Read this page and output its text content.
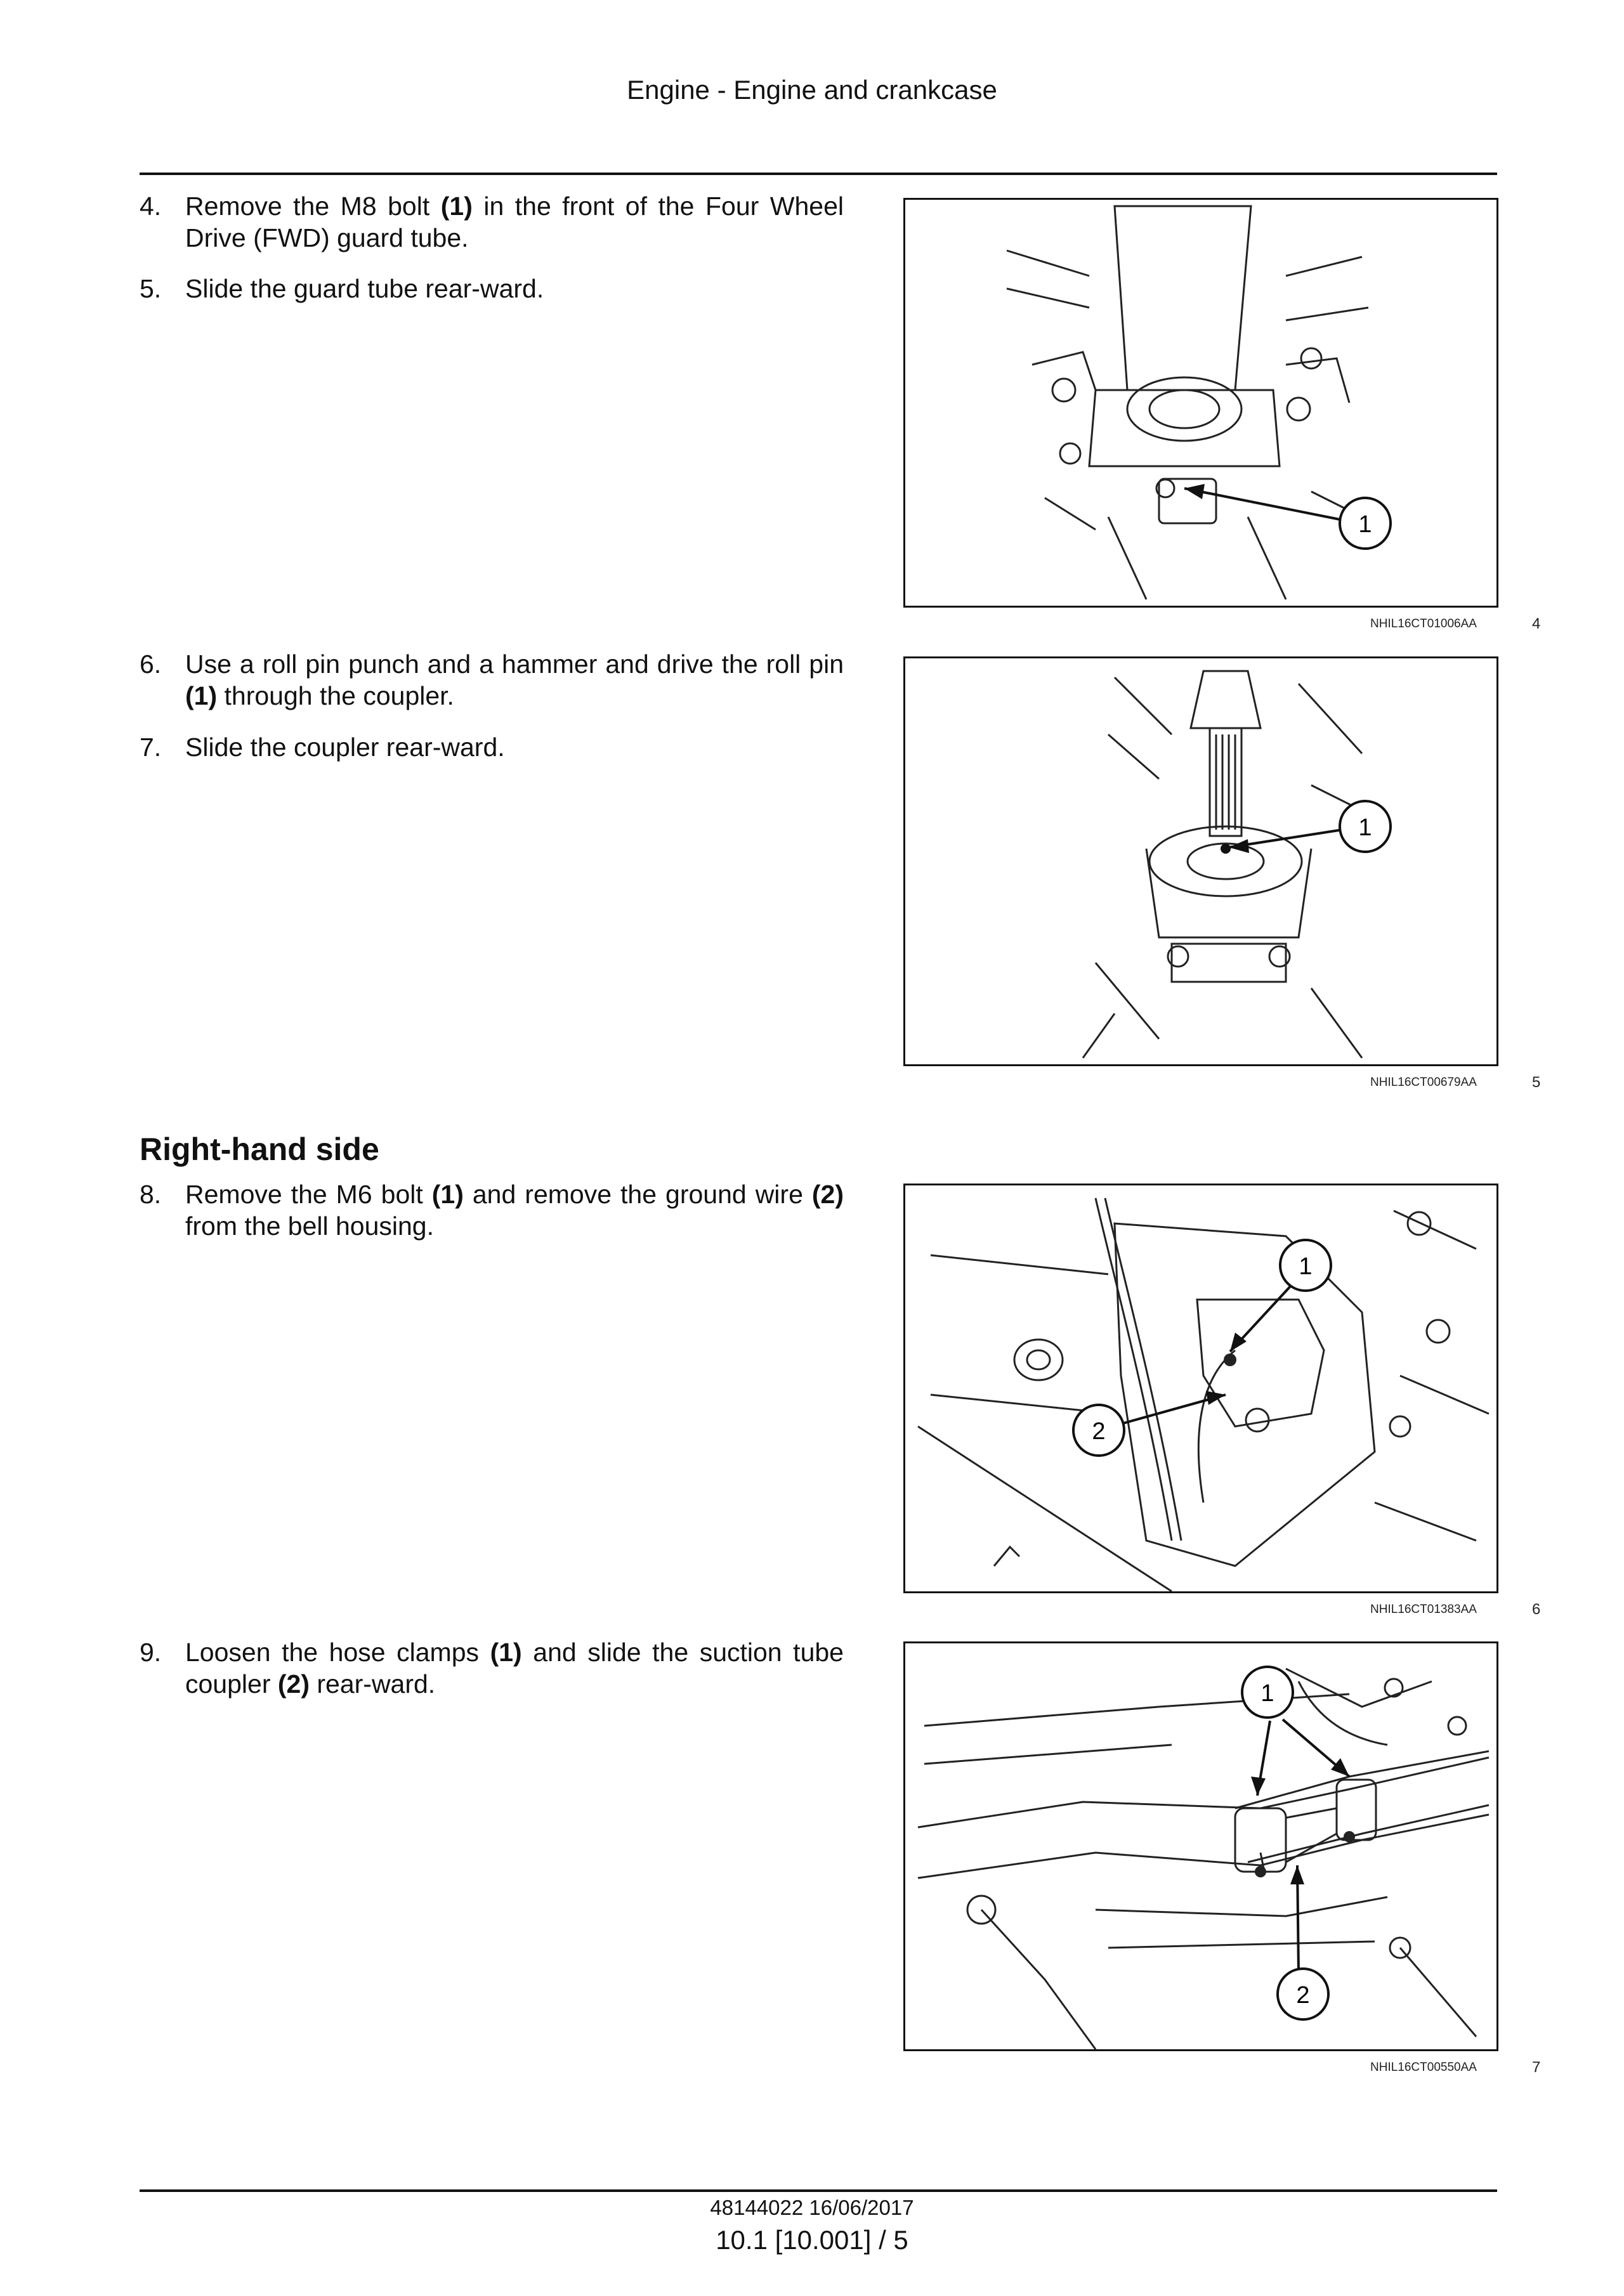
Engine - Engine and crankcase
4. Remove the M8 bolt (1) in the front of the Four Wheel Drive (FWD) guard tube.
5. Slide the guard tube rear-ward.
1
NHIL16CT01006AA	4
6. Use a roll pin punch and a hammer and drive the roll pin (1) through the coupler.
7. Slide the coupler rear-ward.
1
NHIL16CT00679AA	5
Right-hand side
8. Remove the M6 bolt (1) and remove the ground wire (2) from the bell housing.
1
2
NHIL16CT01383AA	6
9. Loosen the hose clamps (1) and slide the suction tube coupler (2) rear-ward.	1
2
NHIL16CT00550AA	7
48144022 16/06/2017
10.1 [10.001] / 5
